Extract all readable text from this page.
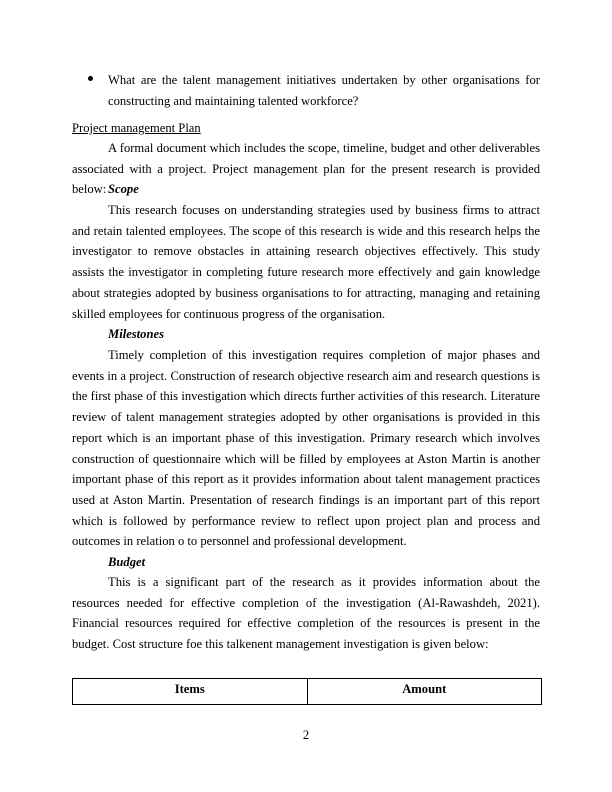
What are the talent management initiatives undertaken by other organisations for constructing and maintaining talented workforce?
Project management Plan

A formal document which includes the scope, timeline, budget and other deliverables associated with a project. Project management plan for the present research is provided below: Scope

This research focuses on understanding strategies used by business firms to attract and retain talented employees. The scope of this research is wide and this research helps the investigator to remove obstacles in attaining research objectives effectively. This study assists the investigator in completing future research more effectively and gain knowledge about strategies adopted by business organisations to for attracting, managing and retaining skilled employees for continuous progress of the organisation.

Milestones

Timely completion of this investigation requires completion of major phases and events in a project. Construction of research objective research aim and research questions is the first phase of this investigation which directs further activities of this research. Literature review of talent management strategies adopted by other organisations is provided in this report which is an important phase of this investigation. Primary research which involves construction of questionnaire which will be filled by employees at Aston Martin is another important phase of this report as it provides information about talent management practices used at Aston Martin. Presentation of research findings is an important part of this report which is followed by performance review to reflect upon project plan and process and outcomes in relation o to personnel and professional development.

Budget

This is a significant part of the research as it provides information about the resources needed for effective completion of the investigation (Al-Rawashdeh, 2021). Financial resources required for effective completion of the resources is present in the budget. Cost structure foe this talkenent management investigation is given below:

Items	Amount
2
